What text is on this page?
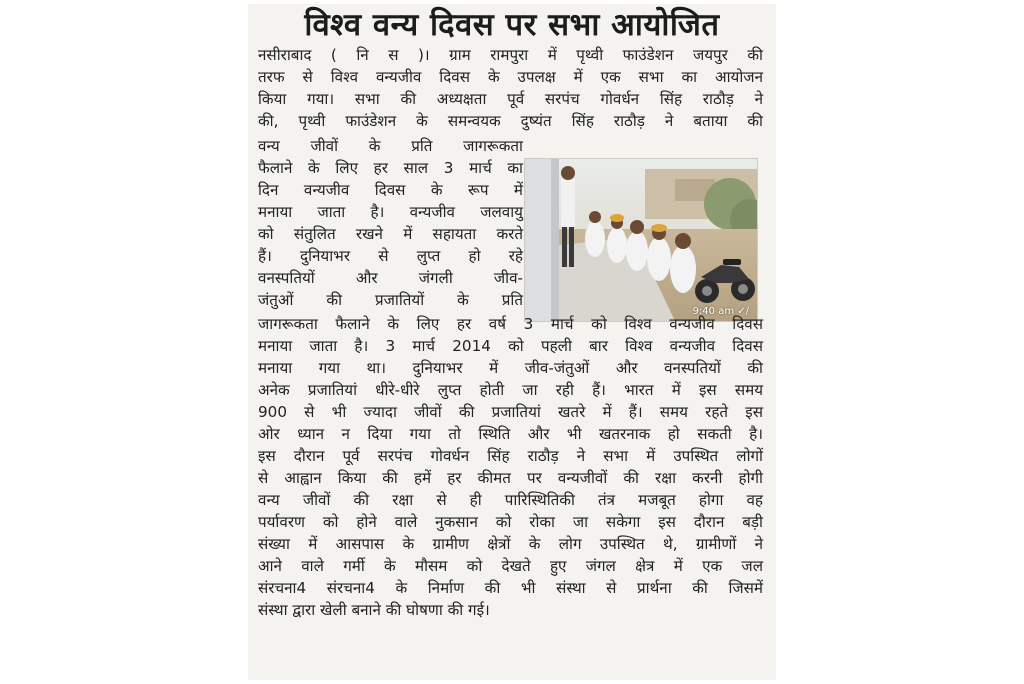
विश्व वन्य दिवस पर सभा आयोजित
नसीराबाद ( नि स )। ग्राम रामपुरा में पृथ्वी फाउंडेशन जयपुर की
तरफ से विश्व वन्यजीव दिवस के उपलक्ष में एक सभा का आयोजन
किया गया। सभा की अध्यक्षता पूर्व सरपंच गोवर्धन सिंह राठौड़ ने
की, पृथ्वी फाउंडेशन के समन्वयक दुष्यंत सिंह राठौड़ ने बताया की
वन्य जीवों के प्रति जागरूकता
फैलाने के लिए हर साल 3 मार्च का
दिन वन्यजीव दिवस के रूप में
मनाया जाता है। वन्यजीव जलवायु
को संतुलित रखने में सहायता करते
हैं। दुनियाभर से लुप्त हो रहे
वनस्पतियों और जंगली जीव-
जंतुओं की प्रजातियों के प्रति
9:40 am ✓∕
जागरूकता फैलाने के लिए हर वर्ष 3 मार्च को विश्व वन्यजीव दिवस
मनाया जाता है। 3 मार्च 2014 को पहली बार विश्व वन्यजीव दिवस
मनाया गया था। दुनियाभर में जीव-जंतुओं और वनस्पतियों की
अनेक प्रजातियां धीरे-धीरे लुप्त होती जा रही हैं। भारत में इस समय
900 से भी ज्यादा जीवों की प्रजातियां खतरे में हैं। समय रहते इस
ओर ध्यान न दिया गया तो स्थिति और भी खतरनाक हो सकती है।
इस दौरान पूर्व सरपंच गोवर्धन सिंह राठौड़ ने सभा में उपस्थित लोगों
से आह्वान किया की हमें हर कीमत पर वन्यजीवों की रक्षा करनी होगी
वन्य जीवों की रक्षा से ही पारिस्थितिकी तंत्र मजबूत होगा वह
पर्यावरण को होने वाले नुकसान को रोका जा सकेगा इस दौरान बड़ी
संख्या में आसपास के ग्रामीण क्षेत्रों के लोग उपस्थित थे, ग्रामीणों ने
आने वाले गर्मी के मौसम को देखते हुए जंगल क्षेत्र में एक जल
संरचना4 संरचना4 के निर्माण की भी संस्था से प्रार्थना की जिसमें
संस्था द्वारा खेली बनाने की घोषणा की गई।
